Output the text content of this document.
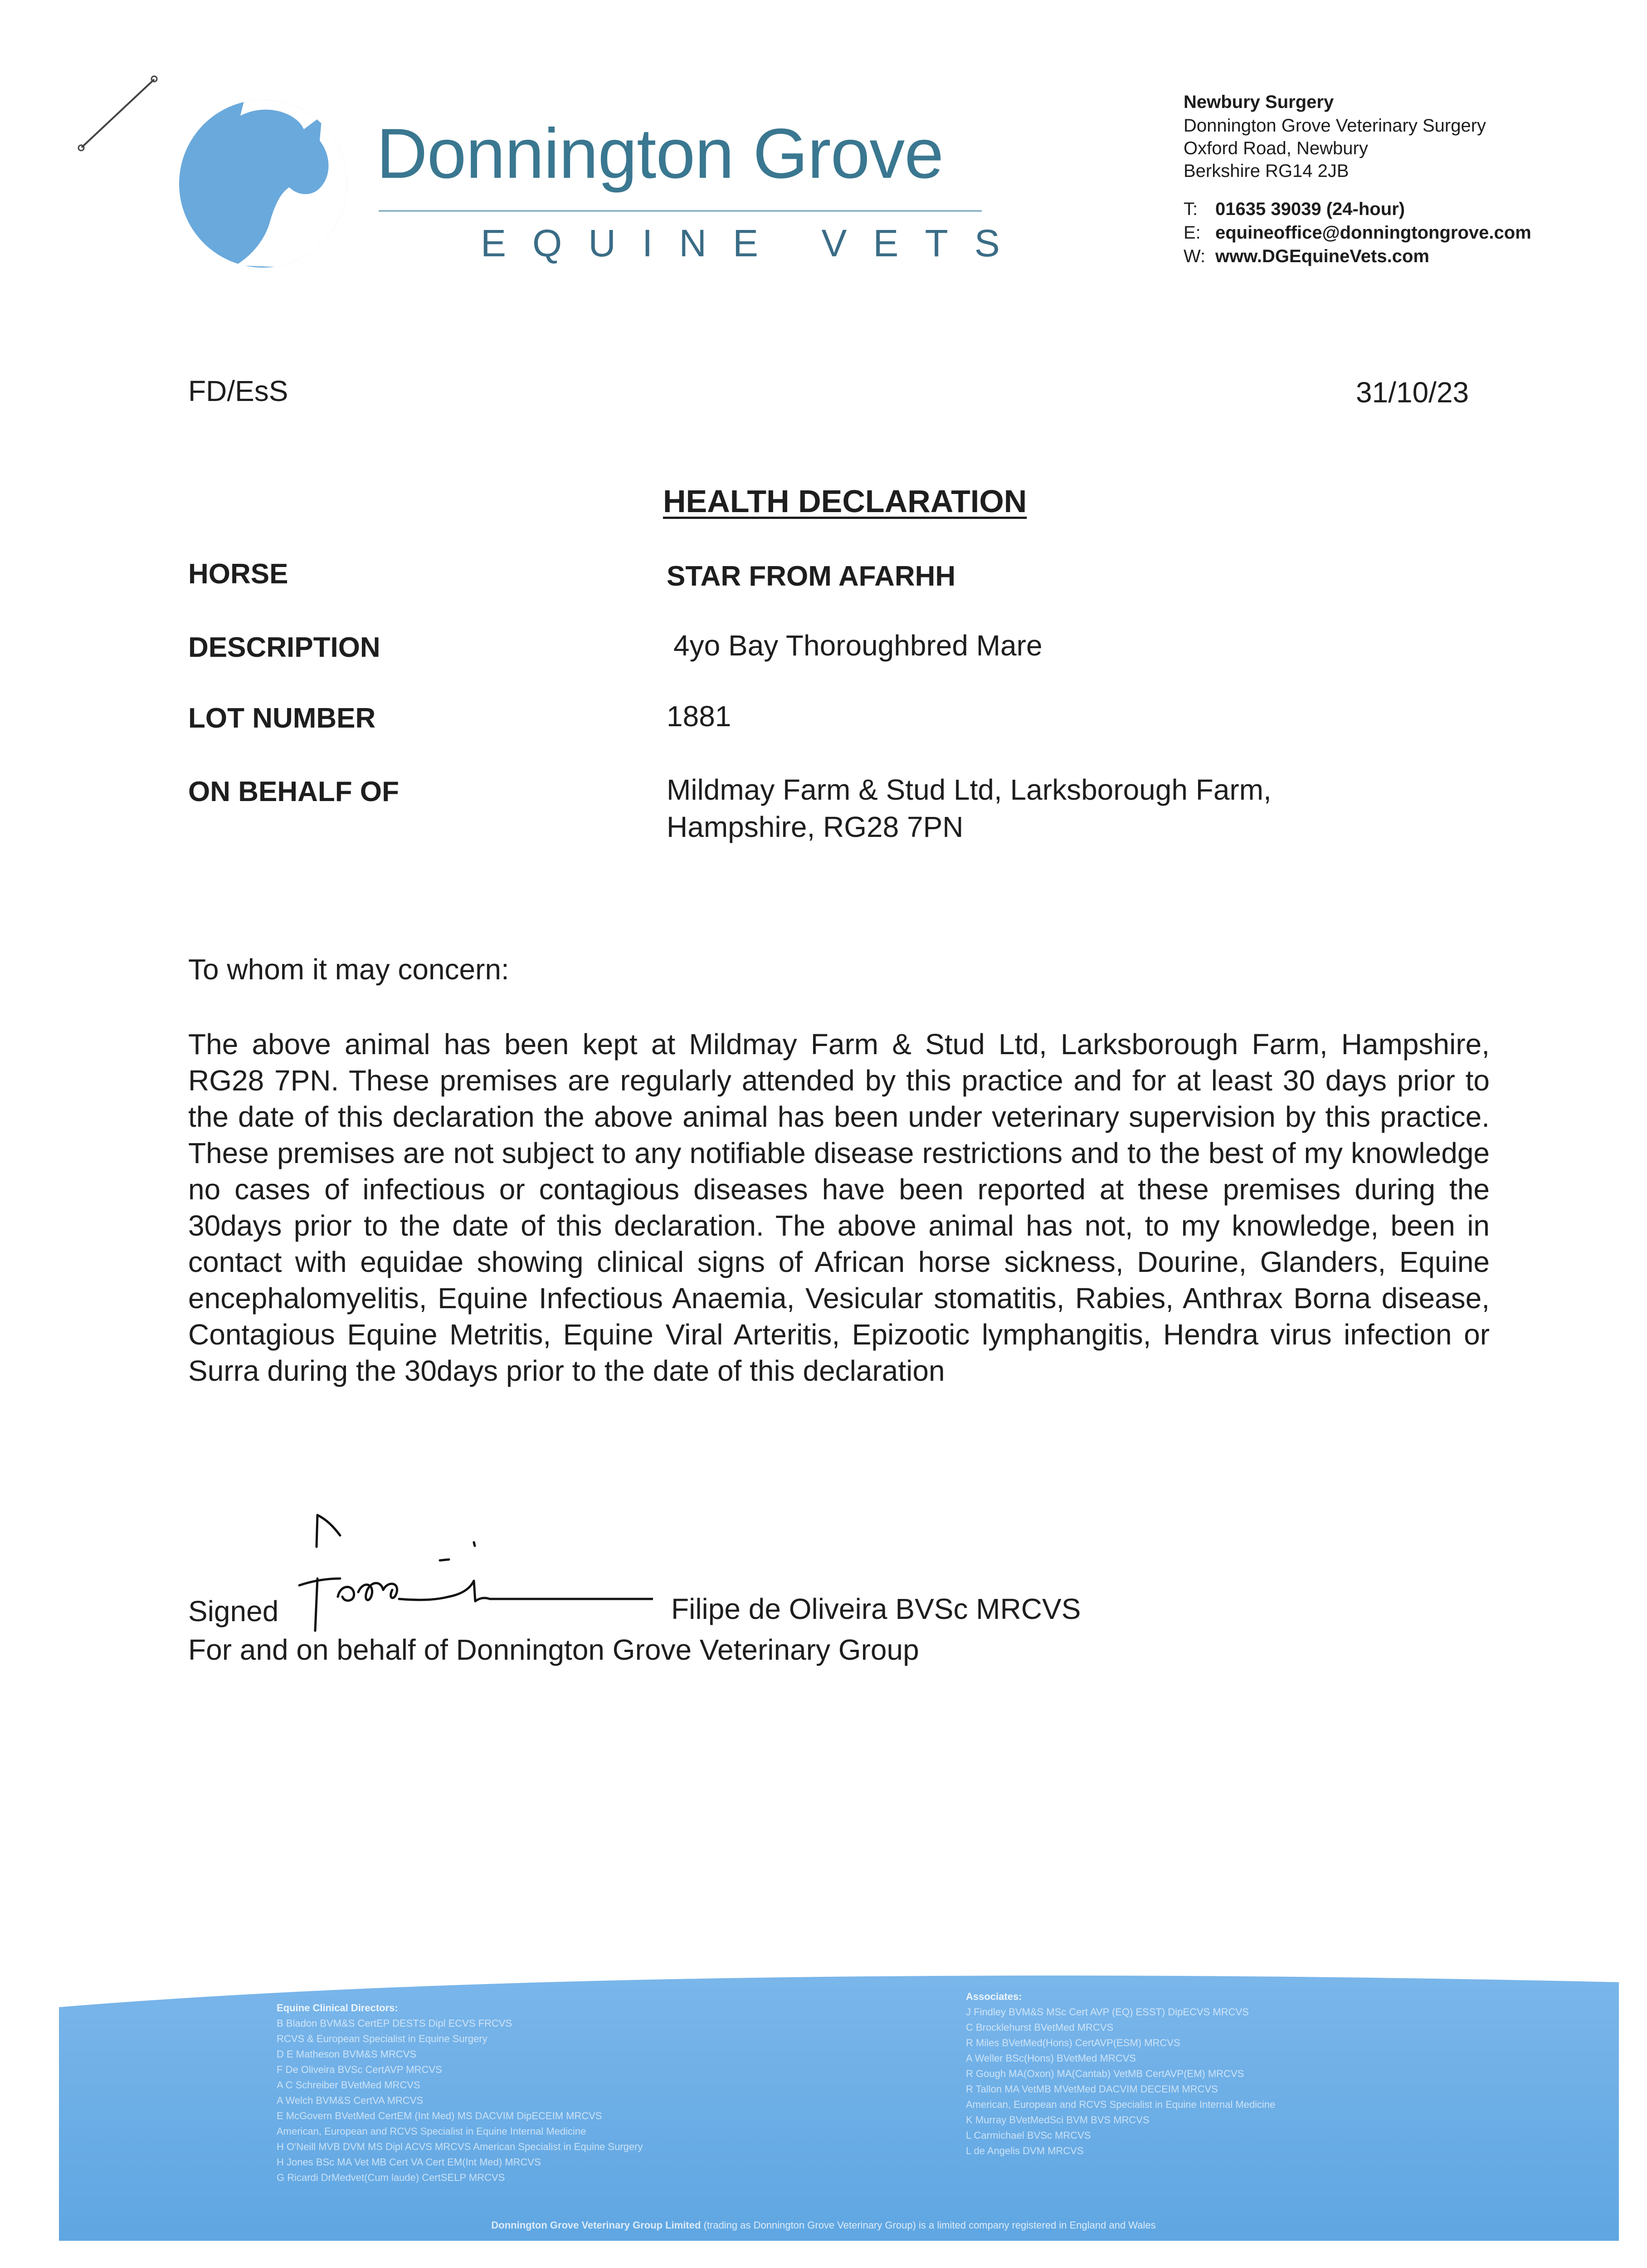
Donnington Grove
EQUINE VETS
Newbury Surgery
Donnington Grove Veterinary Surgery
Oxford Road, Newbury
Berkshire RG14 2JB
T: 01635 39039 (24-hour)
E: equineoffice@donningtongrove.com
W: www.DGEquineVets.com
FD/EsS	31/10/23
HEALTH DECLARATION
HORSE	STAR FROM AFARHH
DESCRIPTION	4yo Bay Thoroughbred Mare
LOT NUMBER	1881
ON BEHALF OF	Mildmay Farm & Stud Ltd, Larksborough Farm,
Hampshire, RG28 7PN
To whom it may concern:
The above animal has been kept at Mildmay Farm & Stud Ltd, Larksborough Farm, Hampshire, RG28 7PN. These premises are regularly attended by this practice and for at least 30 days prior to the date of this declaration the above animal has been under veterinary supervision by this practice. These premises are not subject to any notifiable disease restrictions and to the best of my knowledge no cases of infectious or contagious diseases have been reported at these premises during the 30days prior to the date of this declaration. The above animal has not, to my knowledge, been in contact with equidae showing clinical signs of African horse sickness, Dourine, Glanders, Equine encephalomyelitis, Equine Infectious Anaemia, Vesicular stomatitis, Rabies, Anthrax Borna disease, Contagious Equine Metritis, Equine Viral Arteritis, Epizootic lymphangitis, Hendra virus infection or Surra during the 30days prior to the date of this declaration
Signed	Filipe de Oliveira BVSc MRCVS
For and on behalf of Donnington Grove Veterinary Group
Equine Clinical Directors:
B Bladon BVM&S CertEP DESTS Dipl ECVS FRCVS
RCVS & European Specialist in Equine Surgery
D E Matheson BVM&S MRCVS
F De Oliveira BVSc CertAVP MRCVS
A C Schreiber BVetMed MRCVS
A Welch BVM&S CertVA MRCVS
E McGovern BVetMed CertEM (Int Med) MS DACVIM DipECEIM MRCVS
American, European and RCVS Specialist in Equine Internal Medicine
H O'Neill MVB DVM MS Dipl ACVS MRCVS American Specialist in Equine Surgery
H Jones BSc MA Vet MB Cert VA Cert EM(Int Med) MRCVS
G Ricardi DrMedvet(Cum laude) CertSELP MRCVS
Associates:
J Findley BVM&S MSc Cert AVP (EQ) ESST) DipECVS MRCVS
C Brocklehurst BVetMed MRCVS
R Miles BVetMed(Hons) CertAVP(ESM) MRCVS
A Weller BSc(Hons) BVetMed MRCVS
R Gough MA(Oxon) MA(Cantab) VetMB CertAVP(EM) MRCVS
R Tallon MA VetMB MVetMed DACVIM DECEIM MRCVS
American, European and RCVS Specialist in Equine Internal Medicine
K Murray BVetMedSci BVM BVS MRCVS
L Carmichael BVSc MRCVS
L de Angelis DVM MRCVS
Donnington Grove Veterinary Group Limited (trading as Donnington Grove Veterinary Group) is a limited company registered in England and Wales
